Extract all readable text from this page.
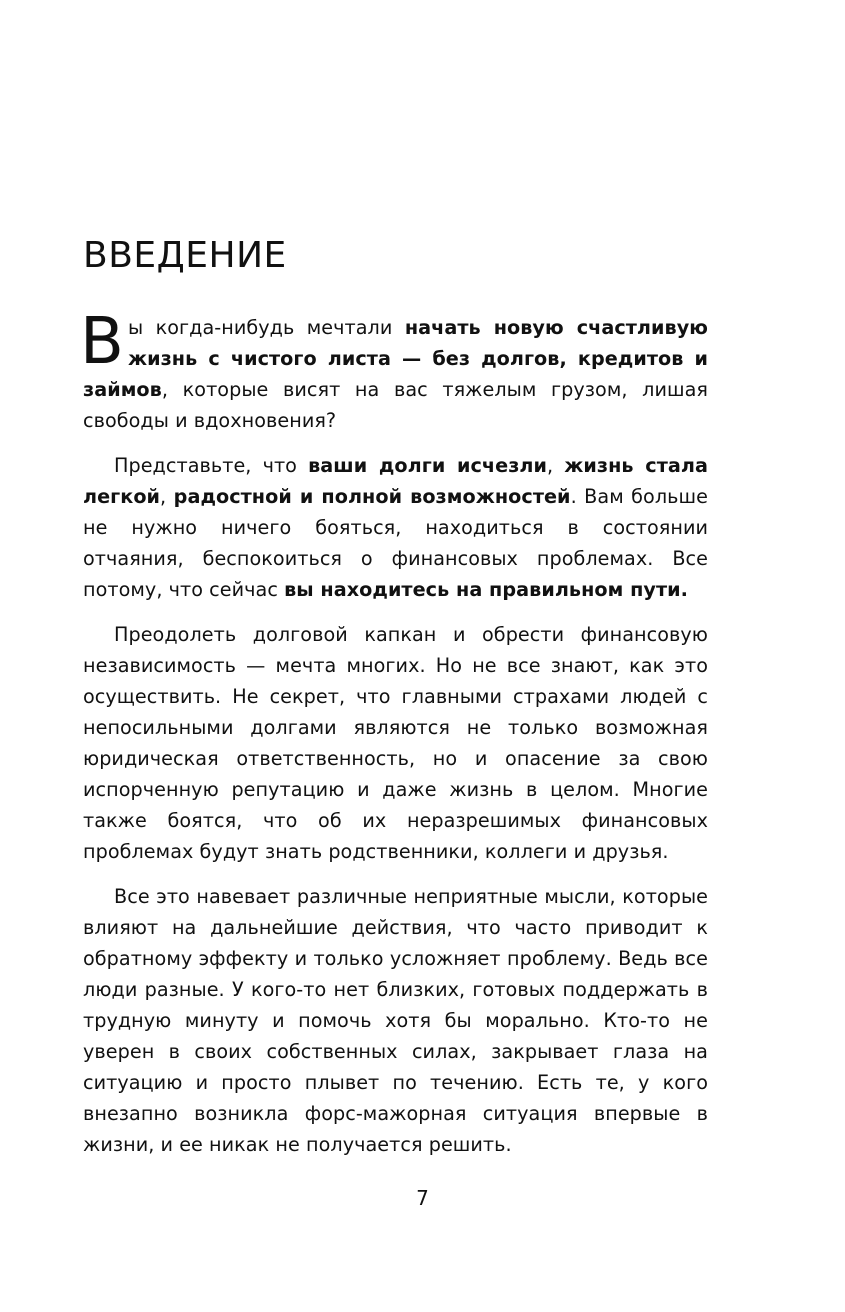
ВВЕДЕНИЕ

Вы когда-нибудь мечтали начать новую счастливую жизнь с чистого листа — без долгов, кредитов и займов, которые висят на вас тяжелым грузом, лишая свободы и вдохновения?

Представьте, что ваши долги исчезли, жизнь стала легкой, радостной и полной возможностей. Вам больше не нужно ничего бояться, находиться в состоянии отчаяния, беспокоиться о финансовых проблемах. Все потому, что сейчас вы находитесь на правильном пути.

Преодолеть долговой капкан и обрести финансовую независимость — мечта многих. Но не все знают, как это осуществить. Не секрет, что главными страхами людей с непосильными долгами являются не только возможная юридическая ответственность, но и опасение за свою испорченную репутацию и даже жизнь в целом. Многие также боятся, что об их неразрешимых финансовых проблемах будут знать родственники, коллеги и друзья.

Все это навевает различные неприятные мысли, которые влияют на дальнейшие действия, что часто приводит к обратному эффекту и только усложняет проблему. Ведь все люди разные. У кого-то нет близких, готовых поддержать в трудную минуту и помочь хотя бы морально. Кто-то не уверен в своих собственных силах, закрывает глаза на ситуацию и просто плывет по течению. Есть те, у кого внезапно возникла форс-мажорная ситуация впервые в жизни, и ее никак не получается решить.

7
